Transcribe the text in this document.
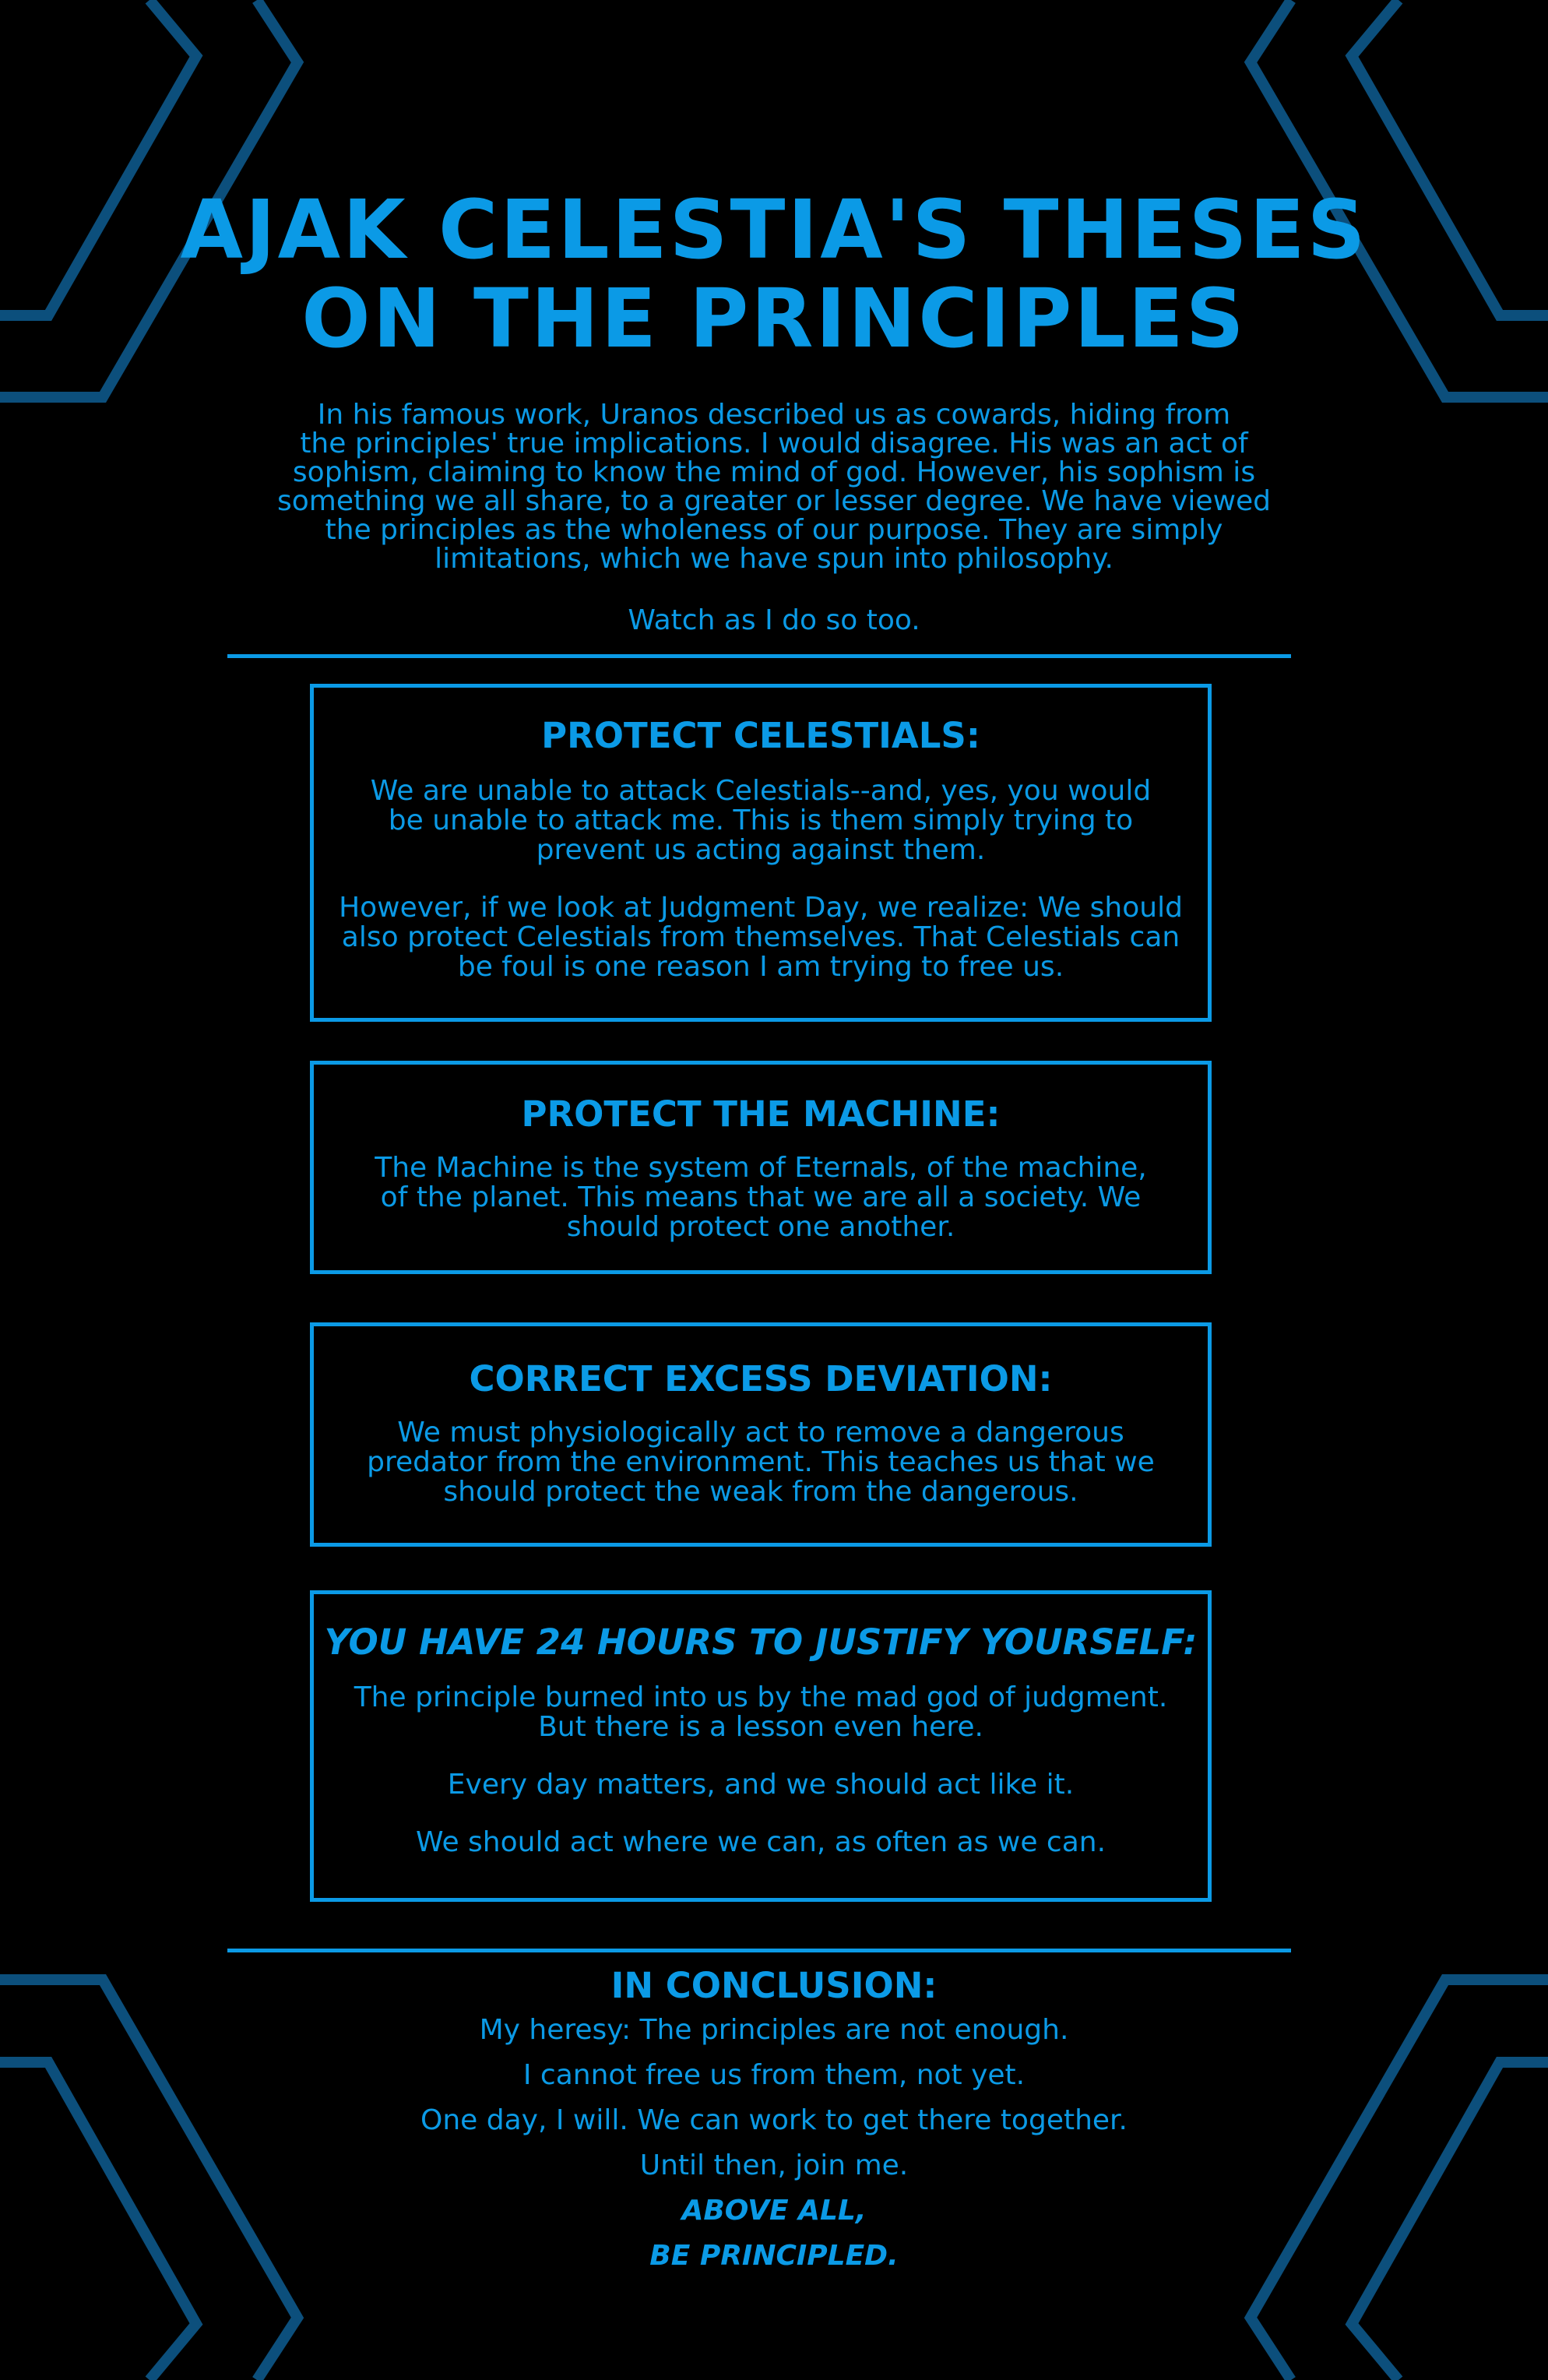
AJAK CELESTIA'S THESES
ON THE PRINCIPLES

In his famous work, Uranos described us as cowards, hiding from

the principles' true implications. I would disagree. His was an act of

sophism, claiming to know the mind of god. However, his sophism is

something we all share, to a greater or lesser degree. We have viewed

the principles as the wholeness of our purpose. They are simply

limitations, which we have spun into philosophy.

Watch as I do so too.

PROTECT CELESTIALS:

We are unable to attack Celestials--and, yes, you would

be unable to attack me. This is them simply trying to

prevent us acting against them.

However, if we look at Judgment Day, we realize: We should

also protect Celestials from themselves. That Celestials can

be foul is one reason I am trying to free us.

PROTECT THE MACHINE:

The Machine is the system of Eternals, of the machine,

of the planet. This means that we are all a society. We

should protect one another.

CORRECT EXCESS DEVIATION:

We must physiologically act to remove a dangerous

predator from the environment. This teaches us that we

should protect the weak from the dangerous.

YOU HAVE 24 HOURS TO JUSTIFY YOURSELF:

The principle burned into us by the mad god of judgment.

But there is a lesson even here.

Every day matters, and we should act like it.

We should act where we can, as often as we can.

IN CONCLUSION:

My heresy: The principles are not enough.

I cannot free us from them, not yet.

One day, I will. We can work to get there together.

Until then, join me.

ABOVE ALL,

BE PRINCIPLED.
